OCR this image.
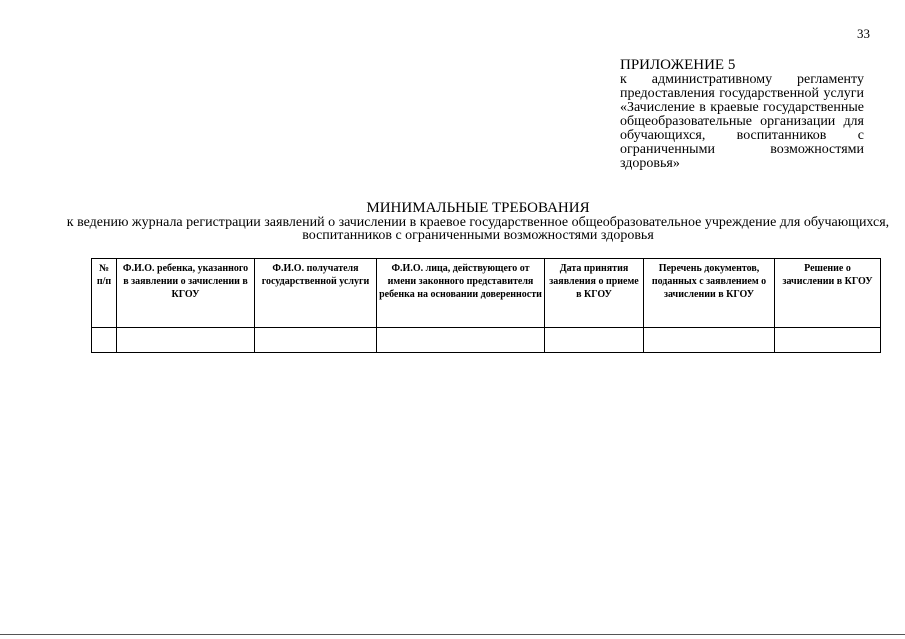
33
ПРИЛОЖЕНИЕ 5
к административному регламенту предоставления государственной услуги «Зачисление в краевые государственные общеобразовательные организации для обучающихся, воспитанников с ограниченными возможностями здоровья»
МИНИМАЛЬНЫЕ ТРЕБОВАНИЯ
к ведению журнала регистрации заявлений о зачислении в краевое государственное общеобразовательное учреждение для обучающихся, воспитанников с ограниченными возможностями здоровья
№ п/п	Ф.И.О. ребенка, указанного в заявлении о зачислении в КГОУ	Ф.И.О. получателя государственной услуги	Ф.И.О. лица, действующего от имени законного представителя ребенка на основании доверенности	Дата принятия заявления о приеме в КГОУ	Перечень документов, поданных с заявлением о зачислении в КГОУ	Решение о зачислении в КГОУ
